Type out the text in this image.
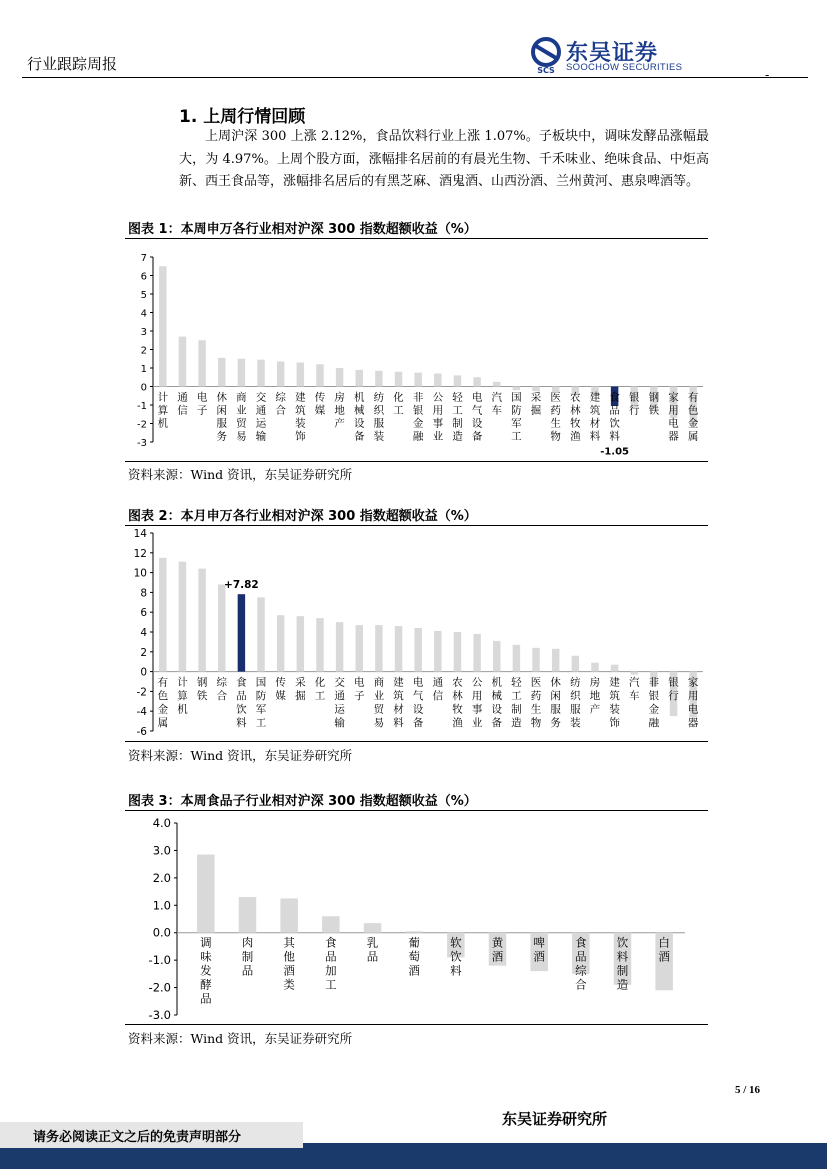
行业跟踪周报	SCS
东吴证券
SOOCHOW SECURITIES
-
1. 上周行情回顾
上周沪深 300 上涨 2.12%，食品饮料行业上涨 1.07%。子板块中，调味发酵品涨幅最大，为 4.97%。上周个股方面，涨幅排名居前的有晨光生物、千禾味业、绝味食品、中炬高新、西王食品等，涨幅排名居后的有黑芝麻、酒鬼酒、山西汾酒、兰州黄河、惠泉啤酒等。
图表 1：本周申万各行业相对沪深 300 指数超额收益（%）
7
6
5
4
3
2
1
0
-1
-2
-3
计
算
机
通
信
电
子
休
闲
服
务
商
业
贸
易
交
通
运
输
综
合
建
筑
装
饰
传
媒
房
地
产
机
械
设
备
纺
织
服
装
化
工
非
银
金
融
公
用
事
业
轻
工
制
造
电
气
设
备
汽
车
国
防
军
工
采
掘
医
药
生
物
农
林
牧
渔
建
筑
材
料
食
品
饮
料
-1.05
银
行
钢
铁
家
用
电
器
有
色
金
属
资料来源：Wind 资讯，东吴证券研究所
图表 2：本月申万各行业相对沪深 300 指数超额收益（%）
14
12
10
8
6
4
2
0
-2
-4
-6
有
色
金
属
计
算
机
钢
铁
综
合
食
品
饮
料
+7.82
国
防
军
工
传
媒
采
掘
化
工
交
通
运
输
电
子
商
业
贸
易
建
筑
材
料
电
气
设
备
通
信
农
林
牧
渔
公
用
事
业
机
械
设
备
轻
工
制
造
医
药
生
物
休
闲
服
务
纺
织
服
装
房
地
产
建
筑
装
饰
汽
车
非
银
金
融
银
行
家
用
电
器
资料来源：Wind 资讯，东吴证券研究所
图表 3：本周食品子行业相对沪深 300 指数超额收益（%）
4.0
3.0
2.0
1.0
0.0
-1.0
-2.0
-3.0
调
味
发
酵
品
肉
制
品
其
他
酒
类
食
品
加
工
乳
品
葡
萄
酒
软
饮
料
黄
酒
啤
酒
食
品
综
合
饮
料
制
造
白
酒
资料来源：Wind 资讯，东吴证券研究所
5 / 16
东吴证券研究所
请务必阅读正文之后的免责声明部分
